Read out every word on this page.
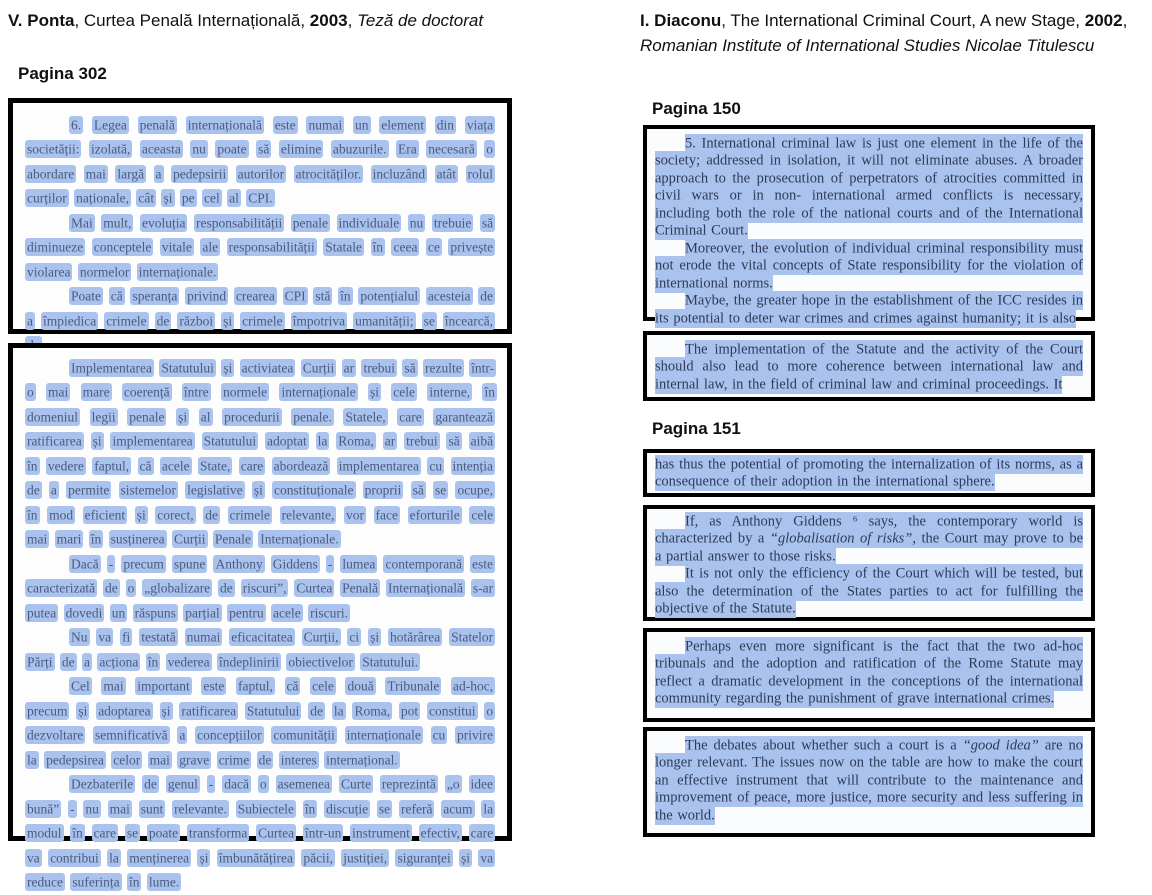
V. Ponta, Curtea Penală Internațională, 2003, Teză de doctorat
Pagina 302

6. Legea penală internațională este numai un element din viața societății: izolată, aceasta nu poate să elimine abuzurile. Era necesară o abordare mai largă a pedepsirii autorilor atrocităților. incluzând atât rolul curților naționale, cât și pe cel al CPI.

Mai mult, evoluția responsabilității penale individuale nu trebuie să diminueze conceptele vitale ale responsabilității Statale în ceea ce privește violarea normelor internaționale.

Poate că speranța privind crearea CPI stă în potențialul acesteia de a împiedica crimele de război și crimele împotriva umanității; se încearcă,

Implementarea Statutului și activiatea Curții ar trebui să rezulte într-o mai mare coerență între normele internaționale și cele interne, în domeniul legii penale și al procedurii penale. Statele, care garantează ratificarea și implementarea Statutului adoptat la Roma, ar trebui să aibă în vedere faptul, că acele State, care abordează implementarea cu intenția de a permite sistemelor legislative și constituționale proprii să se ocupe, în mod eficient și corect, de crimele relevante, vor face eforturile cele mai mari în susținerea Curții Penale Internaționale.

Dacă - precum spune Anthony Giddens - lumea contemporană este caracterizată de o „globalizare de riscuri”, Curtea Penală Internațională s-ar putea dovedi un răspuns parțial pentru acele riscuri.

Nu va fi testată numai eficacitatea Curții, ci și hotărârea Statelor Părți de a acționa în vederea îndeplinirii obiectivelor Statutului.

Cel mai important este faptul, că cele două Tribunale ad-hoc, precum și adoptarea și ratificarea Statutului de la Roma, pot constitui o dezvoltare semnificativă a concepțiilor comunității internaționale cu privire la pedepsirea celor mai grave crime de interes internațional.

Dezbaterile de genul - dacă o asemenea Curte reprezintă „o idee bună” - nu mai sunt relevante. Subiectele în discuție se referă acum la modul în care se poate transforma Curtea într-un instrument efectiv, care va contribui la menținerea și îmbunătățirea păcii, justiției, siguranței și va reduce suferința în lume.

I. Diaconu, The International Criminal Court, A new Stage, 2002, Romanian Institute of International Studies Nicolae Titulescu
Pagina 150

5. International criminal law is just one element in the life of the society; addressed in isolation, it will not eliminate abuses. A broader approach to the prosecution of perpetrators of atrocities committed in civil wars or in non- international armed conflicts is necessary, including both the role of the national courts and of the International Criminal Court.

Moreover, the evolution of individual criminal responsibility must not erode the vital concepts of State responsibility for the violation of international norms.

Maybe, the greater hope in the establishment of the ICC resides in its potential to deter war crimes and crimes against humanity; it is also

The implementation of the Statute and the activity of the Court should also lead to more coherence between international law and internal law, in the field of criminal law and criminal proceedings. It

Pagina 151

has thus the potential of promoting the internalization of its norms, as a consequence of their adoption in the international sphere.

If, as Anthony Giddens ⁶ says, the contemporary world is characterized by a “globalisation of risks”, the Court may prove to be a partial answer to those risks.

It is not only the efficiency of the Court which will be tested, but also the determination of the States parties to act for fulfilling the objective of the Statute.

Perhaps even more significant is the fact that the two ad-hoc tribunals and the adoption and ratification of the Rome Statute may reflect a dramatic development in the conceptions of the international community regarding the punishment of grave international crimes.

The debates about whether such a court is a “good idea” are no longer relevant. The issues now on the table are how to make the court an effective instrument that will contribute to the maintenance and improvement of peace, more justice, more security and less suffering in the world.
